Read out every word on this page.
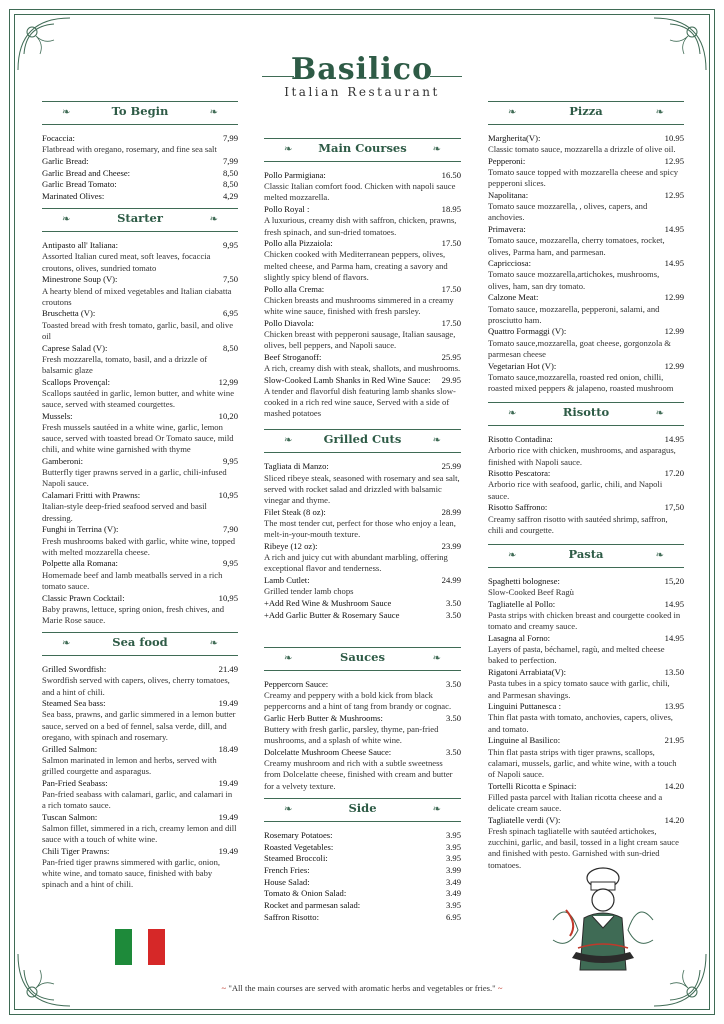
Basilico
Italian Restaurant
❧	❧
To Begin
Focaccia:	7,99
Flatbread with oregano, rosemary, and fine sea salt
Garlic Bread:	7,99
Garlic Bread and Cheese:	8,50
Garlic Bread Tomato:	8,50
Marinated Olives:	4,29
❧	❧
Starter
Antipasto all' Italiana:	9,95
Assorted Italian cured meat, soft leaves, focaccia croutons, olives, sundried tomato
Minestrone Soup (V):	7,50
A hearty blend of mixed vegetables and Italian ciabatta croutons
Bruschetta (V):	6,95
Toasted bread with fresh tomato, garlic, basil, and olive oil
Caprese Salad (V):	8,50
Fresh mozzarella, tomato, basil, and a drizzle of balsamic glaze
Scallops Provençal:	12,99
Scallops sautéed in garlic, lemon butter, and white wine sauce, served with steamed courgettes.
Mussels:	10,20
Fresh mussels sautéed in a white wine, garlic, lemon sauce, served with toasted bread Or Tomato sauce, mild chili, and white wine garnished with thyme
Gamberoni:	9,95
Butterfly tiger prawns served in a garlic, chili-infused Napoli sauce.
Calamari Fritti with Prawns:	10,95
Italian-style deep-fried seafood served and basil dressing.
Funghi in Terrina (V):	7,90
Fresh mushrooms baked with garlic, white wine, topped with melted mozzarella cheese.
Polpette alla Romana:	9,95
Homemade beef and lamb meatballs served in a rich tomato sauce.
Classic Prawn Cocktail:	10,95
Baby prawns, lettuce, spring onion, fresh chives, and Marie Rose sauce.
❧	❧
Sea food
Grilled Swordfish:	21.49
Swordfish served with capers, olives, cherry tomatoes, and a hint of chili.
Steamed Sea bass:	19.49
Sea bass, prawns, and garlic simmered in a lemon butter sauce, served on a bed of fennel, salsa verde, dill, and oregano, with spinach and rosemary.
Grilled Salmon:	18.49
Salmon marinated in lemon and herbs, served with grilled courgette and asparagus.
Pan-Fried Seabass:	19.49
Pan-fried seabass with calamari, garlic, and calamari in a rich tomato sauce.
Tuscan Salmon:	19.49
Salmon fillet, simmered in a rich, creamy lemon and dill sauce with a touch of white wine.
Chili Tiger Prawns:	19.49
Pan-fried tiger prawns simmered with garlic, onion, white wine, and tomato sauce, finished with baby spinach and a hint of chili.
❧	❧
Main Courses
Pollo Parmigiana:	16.50
Classic Italian comfort food. Chicken with napoli sauce melted mozzarella.
Pollo Royal :	18.95
A luxurious, creamy dish with saffron, chicken, prawns, fresh spinach, and sun-dried tomatoes.
Pollo alla Pizzaiola:	17.50
Chicken cooked with Mediterranean peppers, olives, melted cheese, and Parma ham, creating a savory and slightly spicy blend of flavors.
Pollo alla Crema:	17.50
Chicken breasts and mushrooms simmered in a creamy white wine sauce, finished with fresh parsley.
Pollo Diavola:	17.50
Chicken breast with pepperoni sausage, Italian sausage, olives, bell peppers, and Napoli sauce.
Beef Stroganoff:	25.95
A rich, creamy dish with steak, shallots, and mushrooms.
Slow-Cooked Lamb Shanks in Red Wine Sauce: 29.95
A tender and flavorful dish featuring lamb shanks slow-cooked in a rich red wine sauce, Served with a side of mashed potatoes
❧	❧
Grilled Cuts
Tagliata di Manzo:	25.99
Sliced ribeye steak, seasoned with rosemary and sea salt, served with rocket salad and drizzled with balsamic vinegar and thyme.
Filet Steak (8 oz):	28.99
The most tender cut, perfect for those who enjoy a lean, melt-in-your-mouth texture.
Ribeye (12 oz):	23.99
A rich and juicy cut with abundant marbling, offering exceptional flavor and tenderness.
Lamb Cutlet:	24.99
Grilled tender lamb chops
+Add Red Wine & Mushroom Sauce	3.50
+Add Garlic Butter & Rosemary Sauce	3.50
❧	❧
Sauces
Peppercorn Sauce:	3.50
Creamy and peppery with a bold kick from black peppercorns and a hint of tang from brandy or cognac.
Garlic Herb Butter & Mushrooms:	3.50
Buttery with fresh garlic, parsley, thyme, pan-fried mushrooms, and a splash of white wine.
Dolcelatte Mushroom Cheese Sauce:	3.50
Creamy mushroom and rich with a subtle sweetness from Dolcelatte cheese, finished with cream and butter for a velvety texture.
❧	❧
Side
Rosemary Potatoes:	3.95
Roasted Vegetables:	3.95
Steamed Broccoli:	3.95
French Fries:	3.99
House Salad:	3.49
Tomato & Onion Salad:	3.49
Rocket and parmesan salad:	3.95
Saffron Risotto:	6.95
❧	❧
Pizza
Margherita(V):	10.95
Classic tomato sauce, mozzarella a drizzle of olive oil.
Pepperoni:	12.95
Tomato sauce topped with mozzarella cheese and spicy pepperoni slices.
Napolitana:	12.95
Tomato sauce mozzarella, , olives, capers, and anchovies.
Primavera:	14.95
Tomato sauce, mozzarella, cherry tomatoes, rocket, olives, Parma ham, and parmesan.
Capricciosa:	14.95
Tomato sauce mozzarella,artichokes, mushrooms, olives, ham, san dry tomato.
Calzone Meat:	12.99
Tomato sauce, mozzarella, pepperoni, salami, and prosciutto ham.
Quattro Formaggi (V):	12.99
Tomato sauce,mozzarella, goat cheese, gorgonzola & parmesan cheese
Vegetarian Hot (V):	12.99
Tomato sauce,mozzarella, roasted red onion, chilli, roasted mixed peppers & jalapeno, roasted mushroom
❧	❧
Risotto
Risotto Contadina:	14.95
Arborio rice with chicken, mushrooms, and asparagus, finished with Napoli sauce.
Risotto Pescatora:	17.20
Arborio rice with seafood, garlic, chili, and Napoli sauce.
Risotto Saffrono:	17,50
Creamy saffron risotto with sautéed shrimp, saffron, chili and courgette.
❧	❧
Pasta
Spaghetti bolognese:	15,20
Slow-Cooked Beef Ragù
Tagliatelle al Pollo:	14.95
Pasta strips with chicken breast and courgette cooked in tomato and creamy sauce.
Lasagna al Forno:	14.95
Layers of pasta, béchamel, ragù, and melted cheese baked to perfection.
Rigatoni Arrabiata(V):	13.50
Pasta tubes in a spicy tomato sauce with garlic, chili, and Parmesan shavings.
Linguini Puttanesca :	13.95
Thin flat pasta with tomato, anchovies, capers, olives, and tomato.
Linguine al Basilico:	21.95
Thin flat pasta strips with tiger prawns, scallops, calamari, mussels, garlic, and white wine, with a touch of Napoli sauce.
Tortelli Ricotta e Spinaci:	14.20
Filled pasta parcel with Italian ricotta cheese and a delicate cream sauce.
Tagliatelle verdi (V):	14.20
Fresh spinach tagliatelle with sautéed artichokes, zucchini, garlic, and basil, tossed in a light cream sauce and finished with pesto. Garnished with sun-dried tomatoes.
~ "All the main courses are served with aromatic herbs and vegetables or fries." ~
